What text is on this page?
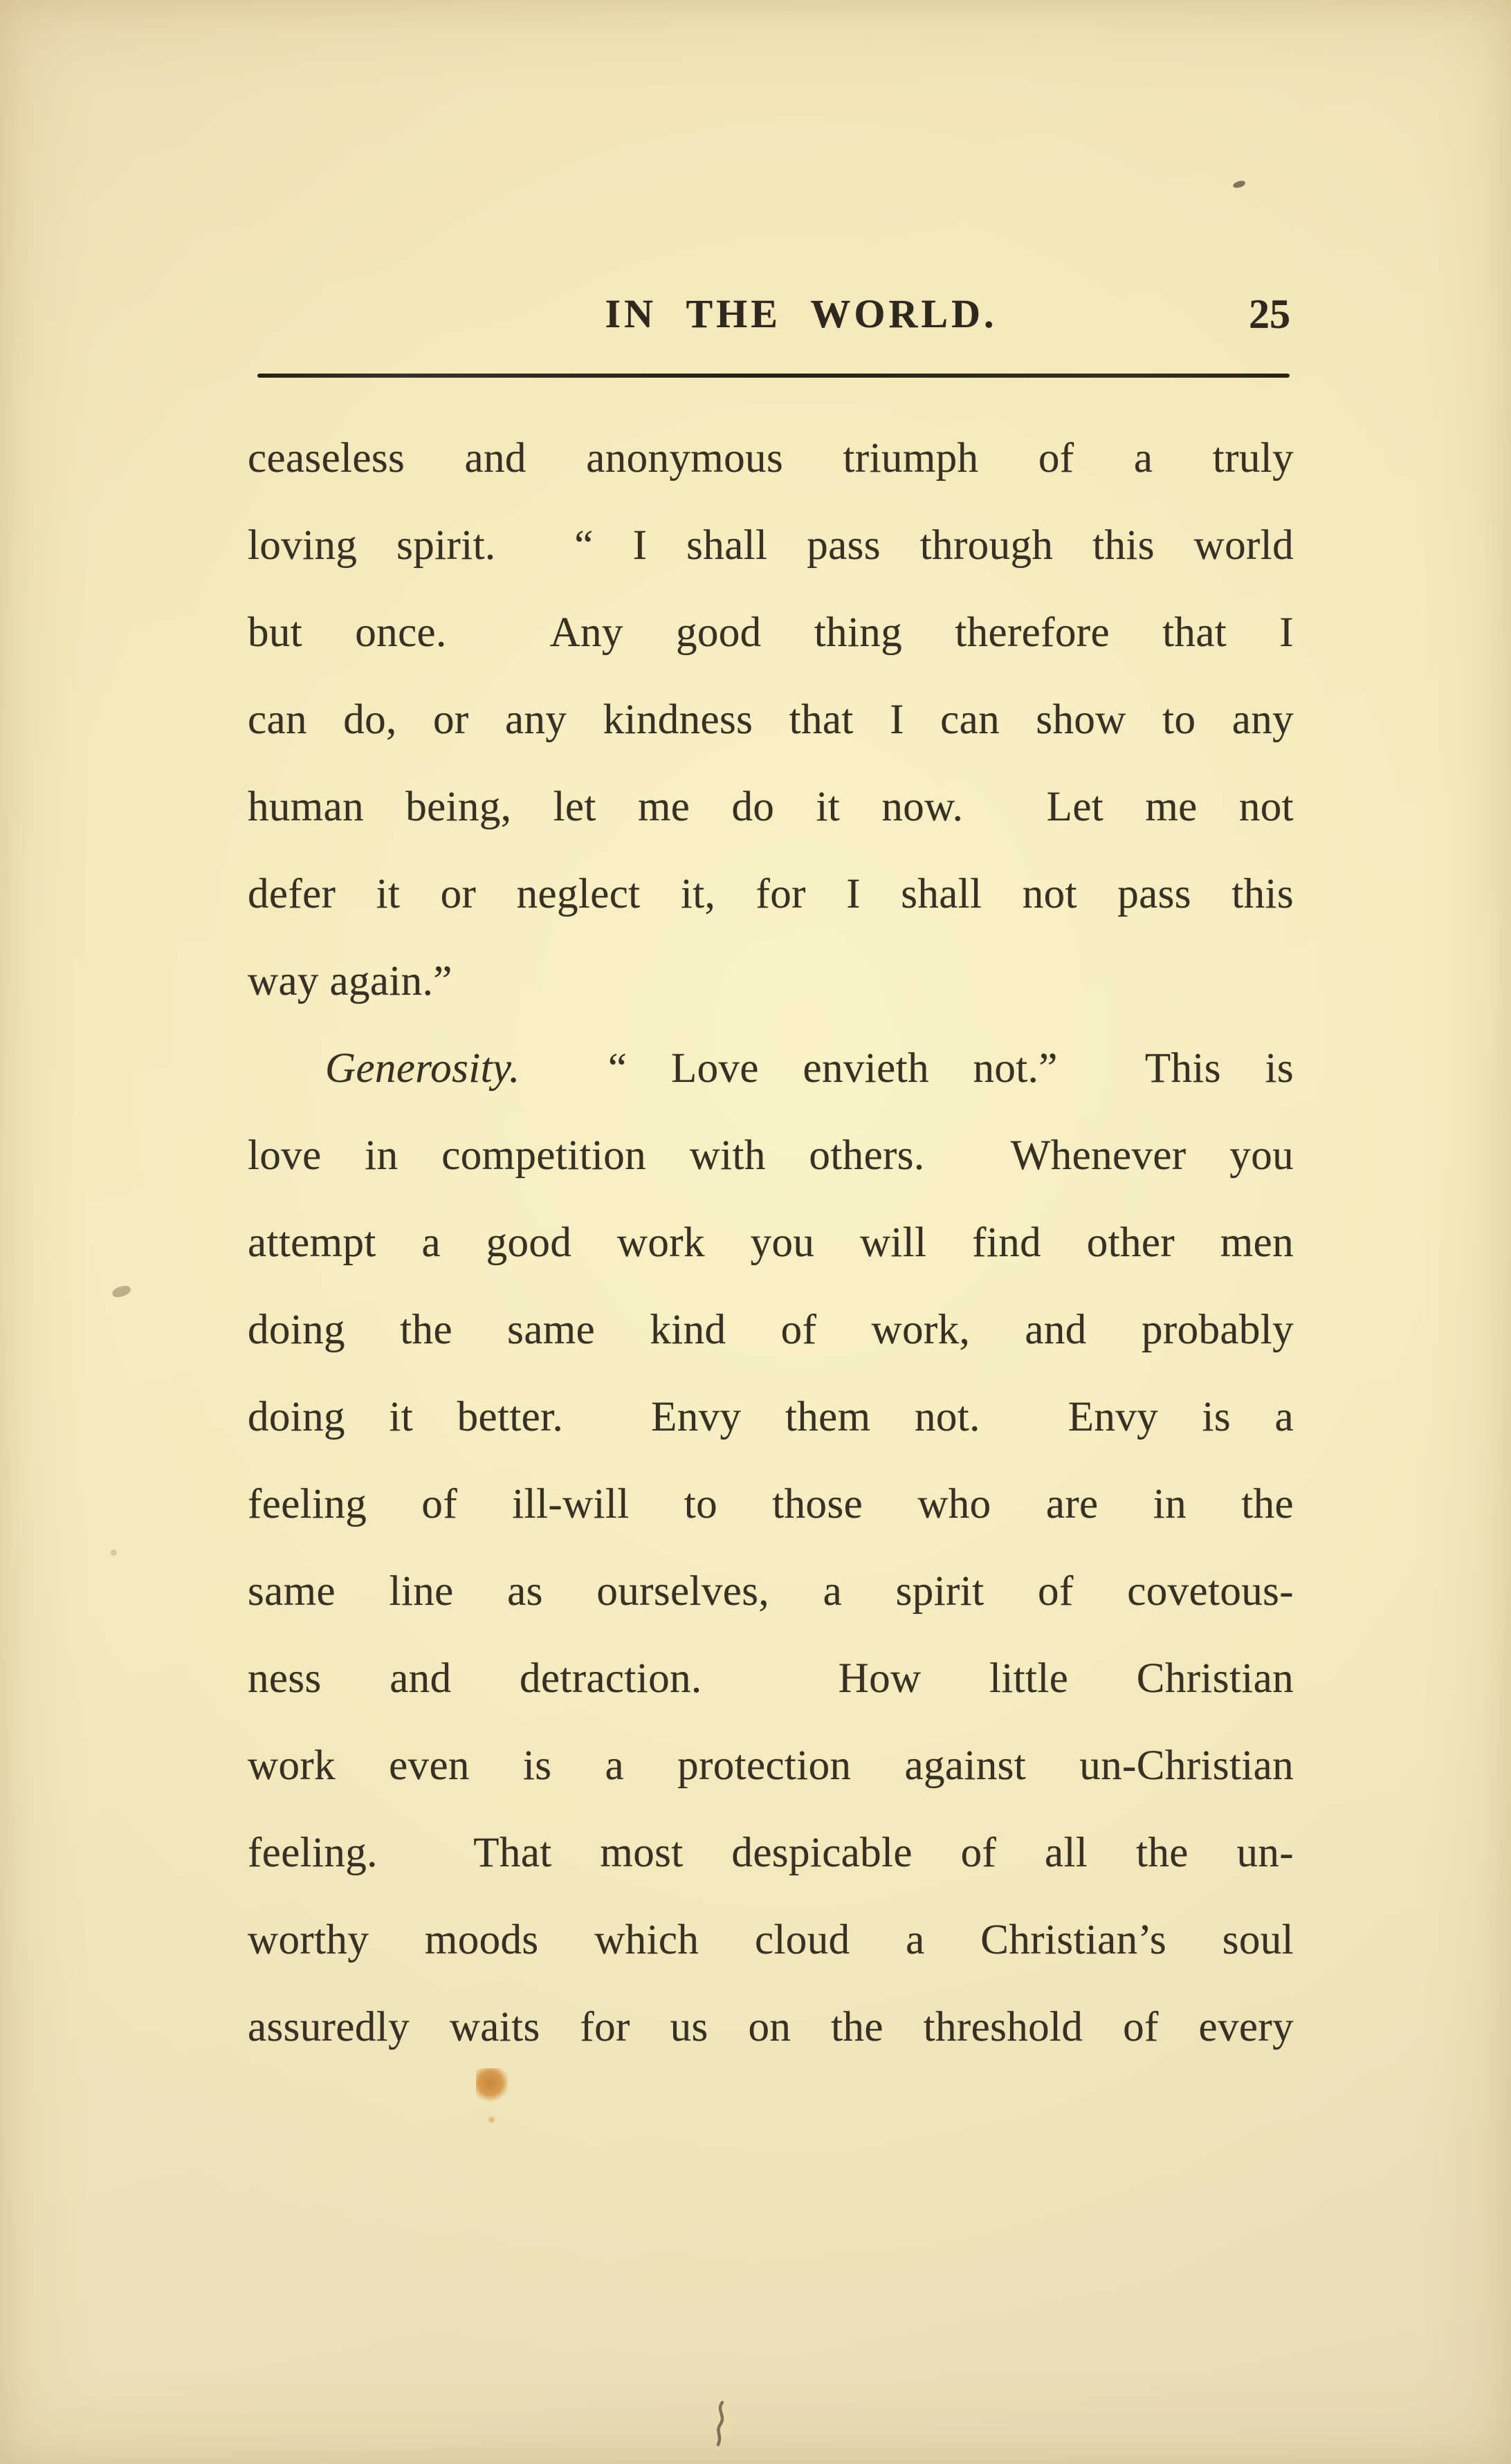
IN THE WORLD.	25
ceaseless and anonymous triumph of a truly
loving spirit.  “ I shall pass through this world
but once.  Any good thing therefore that I
can do, or any kindness that I can show to any
human being, let me do it now.  Let me not
defer it or neglect it, for I shall not pass this
way again.”
Generosity.  “ Love envieth not.”  This is
love in competition with others.  Whenever you
attempt a good work you will find other men
doing the same kind of work, and probably
doing it better.  Envy them not.  Envy is a
feeling of ill-will to those who are in the
same line as ourselves, a spirit of covetous-
ness and detraction.  How little Christian
work even is a protection against un-Christian
feeling.  That most despicable of all the un-
worthy moods which cloud a Christian’s soul
assuredly waits for us on the threshold of every
